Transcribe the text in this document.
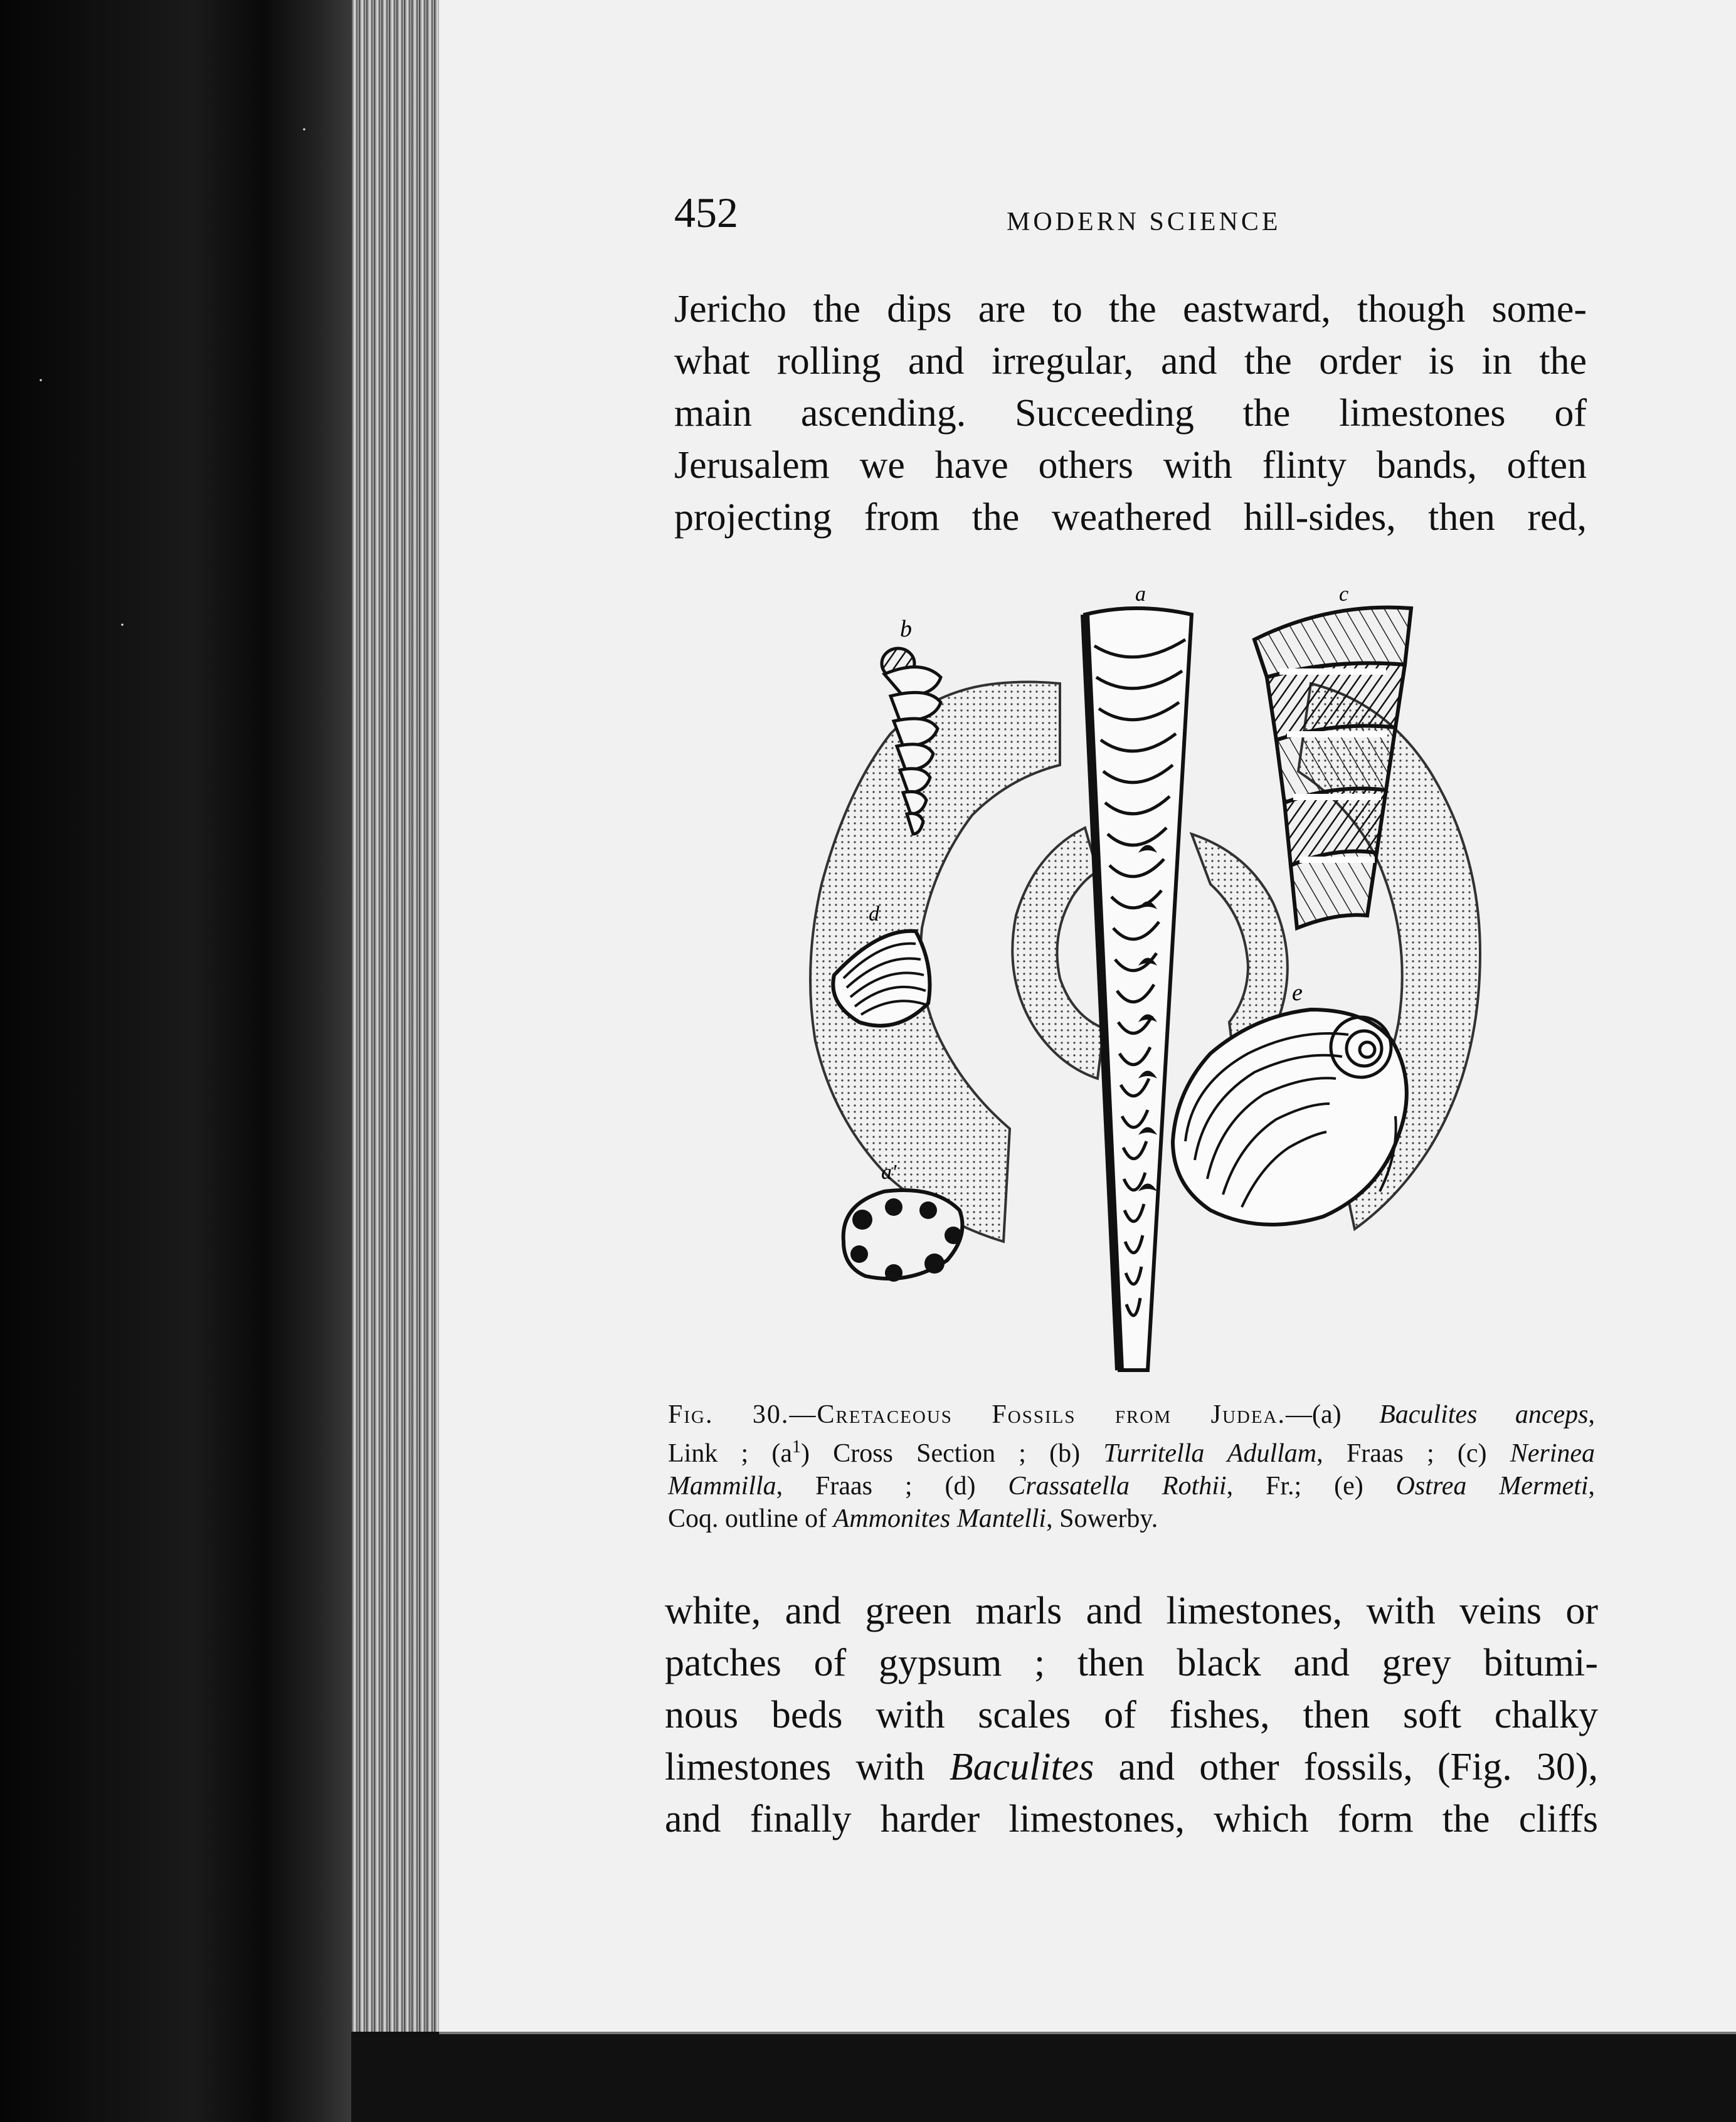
·
·
·
452	MODERN SCIENCE
Jericho the dips are to the eastward, though some-
what rolling and irregular, and the order is in the
main ascending. Succeeding the limestones of
Jerusalem we have others with flinty bands, often
projecting from the weathered hill-sides, then red,
a
b
c
d
a'
e
Fig. 30.—Cretaceous Fossils from Judea.—(a) Baculites anceps,
Link ; $(a^1)$ Cross Section ; (b) Turritella Adullam, Fraas ; (c) Nerinea
Mammilla, Fraas ; (d) Crassatella Rothii, Fr.; (e) Ostrea Mermeti,
Coq. outline of Ammonites Mantelli, Sowerby.
white, and green marls and limestones, with veins or
patches of gypsum ; then black and grey bitumi-
nous beds with scales of fishes, then soft chalky
limestones with Baculites and other fossils, (Fig. 30),
and finally harder limestones, which form the cliffs
